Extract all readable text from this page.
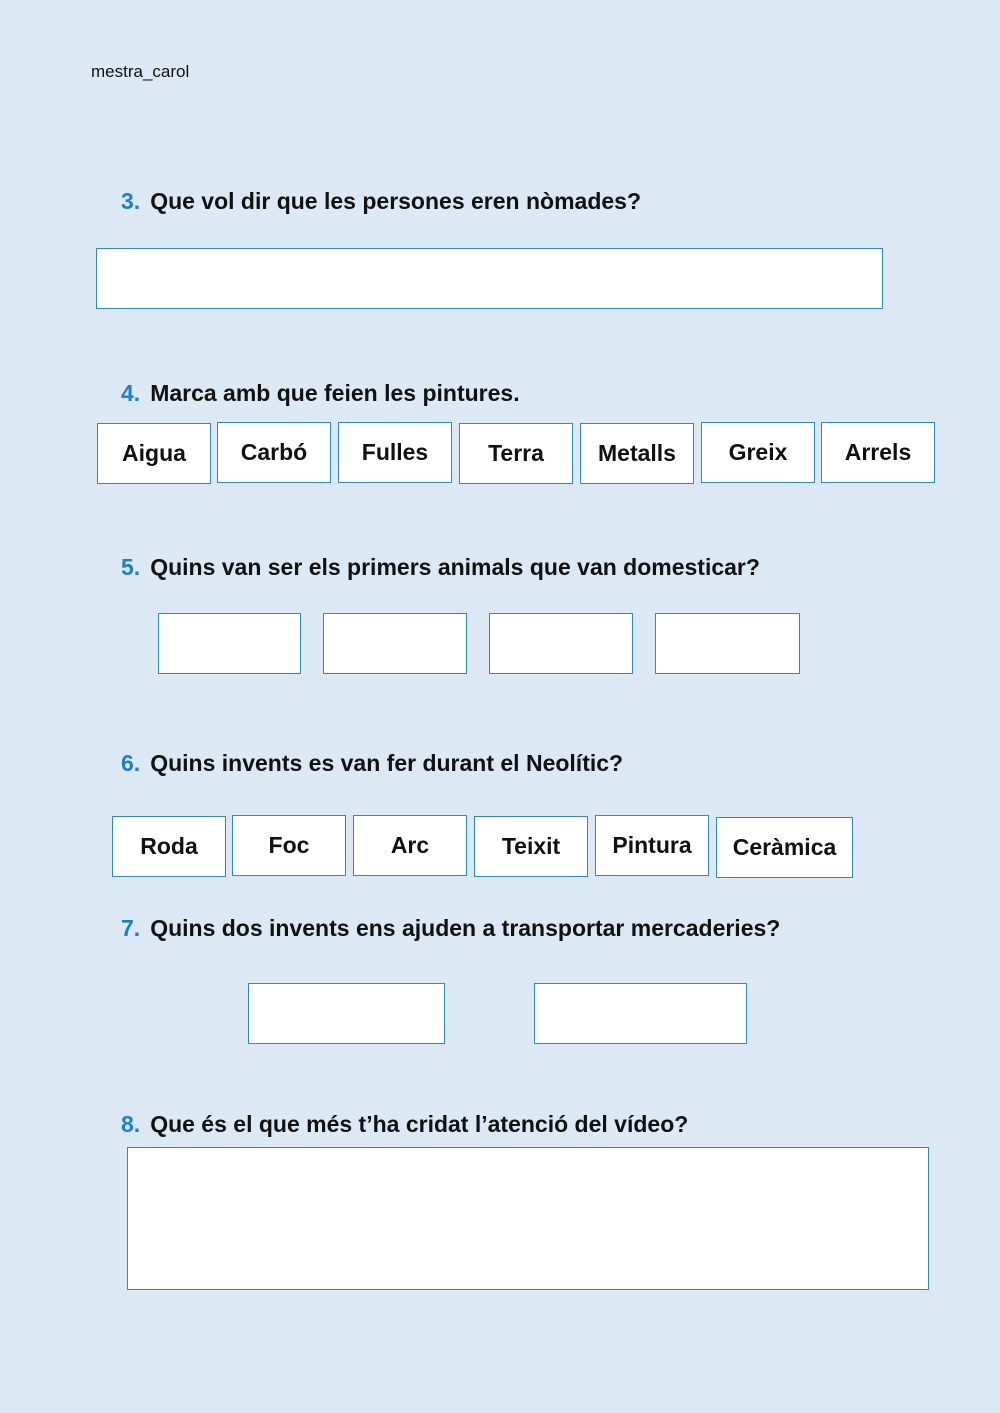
mestra_carol
3. Que vol dir que les persones eren nòmades?
4. Marca amb que feien les pintures.
Aigua	Carbó	Fulles	Terra	Metalls	Greix	Arrels
5. Quins van ser els primers animals que van domesticar?
6. Quins invents es van fer durant el Neolític?
Roda	Foc	Arc	Teixit	Pintura	Ceràmica
7. Quins dos invents ens ajuden a transportar mercaderies?
8. Que és el que més t’ha cridat l’atenció del vídeo?
